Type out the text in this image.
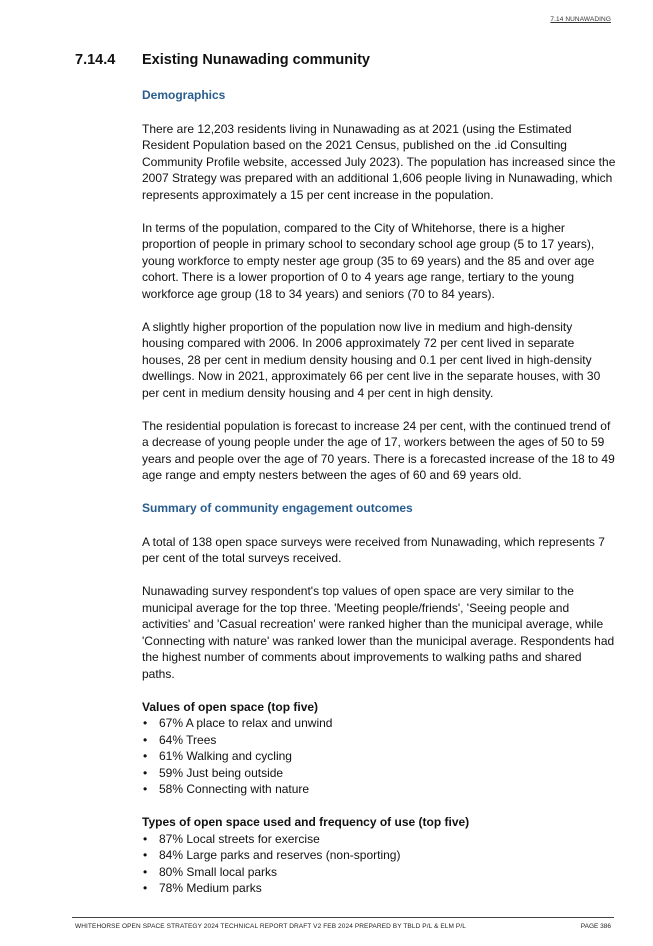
7.14 NUNAWADING
7.14.4 Existing Nunawading community
Demographics

There are 12,203 residents living in Nunawading as at 2021 (using the Estimated Resident Population based on the 2021 Census, published on the .id Consulting Community Profile website, accessed July 2023). The population has increased since the 2007 Strategy was prepared with an additional 1,606 people living in Nunawading, which represents approximately a 15 per cent increase in the population.

In terms of the population, compared to the City of Whitehorse, there is a higher proportion of people in primary school to secondary school age group (5 to 17 years), young workforce to empty nester age group (35 to 69 years) and the 85 and over age cohort. There is a lower proportion of 0 to 4 years age range, tertiary to the young workforce age group (18 to 34 years) and seniors (70 to 84 years).

A slightly higher proportion of the population now live in medium and high-density housing compared with 2006. In 2006 approximately 72 per cent lived in separate houses, 28 per cent in medium density housing and 0.1 per cent lived in high-density dwellings. Now in 2021, approximately 66 per cent live in the separate houses, with 30 per cent in medium density housing and 4 per cent in high density.

The residential population is forecast to increase 24 per cent, with the continued trend of a decrease of young people under the age of 17, workers between the ages of 50 to 59 years and people over the age of 70 years. There is a forecasted increase of the 18 to 49 age range and empty nesters between the ages of 60 and 69 years old.

Summary of community engagement outcomes

A total of 138 open space surveys were received from Nunawading, which represents 7 per cent of the total surveys received.

Nunawading survey respondent's top values of open space are very similar to the municipal average for the top three. 'Meeting people/friends', 'Seeing people and activities' and 'Casual recreation' were ranked higher than the municipal average, while 'Connecting with nature' was ranked lower than the municipal average. Respondents had the highest number of comments about improvements to walking paths and shared paths.

Values of open space (top five)
• 67% A place to relax and unwind
• 64% Trees
• 61% Walking and cycling
• 59% Just being outside
• 58% Connecting with nature
Types of open space used and frequency of use (top five)
• 87% Local streets for exercise
• 84% Large parks and reserves (non-sporting)
• 80% Small local parks
• 78% Medium parks
WHITEHORSE OPEN SPACE STRATEGY 2024 TECHNICAL REPORT DRAFT V2 FEB 2024 PREPARED BY TBLD P/L & ELM P/L	PAGE 386
